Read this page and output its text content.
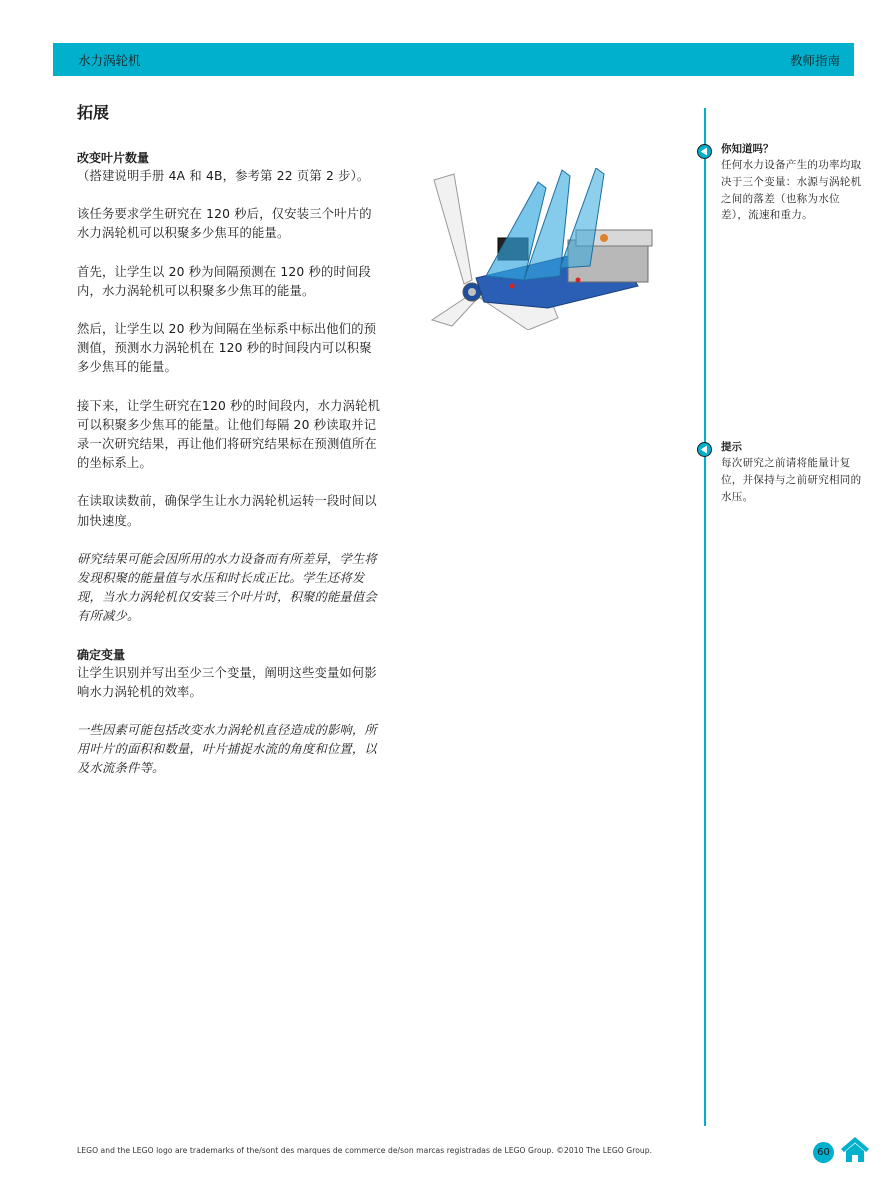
水力涡轮机	教师指南
拓展
改变叶片数量
（搭建说明手册 4A 和 4B，参考第 22 页第 2 步）。
该任务要求学生研究在 120 秒后，仅安装三个叶片的水力涡轮机可以积聚多少焦耳的能量。
首先，让学生以 20 秒为间隔预测在 120 秒的时间段内，水力涡轮机可以积聚多少焦耳的能量。
然后，让学生以 20 秒为间隔在坐标系中标出他们的预测值，预测水力涡轮机在 120 秒的时间段内可以积聚多少焦耳的能量。
接下来，让学生研究在120 秒的时间段内，水力涡轮机可以积聚多少焦耳的能量。让他们每隔 20 秒读取并记录一次研究结果，再让他们将研究结果标在预测值所在的坐标系上。
在读取读数前，确保学生让水力涡轮机运转一段时间以加快速度。
研究结果可能会因所用的水力设备而有所差异，学生将发现积聚的能量值与水压和时长成正比。学生还将发现，当水力涡轮机仅安装三个叶片时，积聚的能量值会有所减少。
确定变量
让学生识别并写出至少三个变量，阐明这些变量如何影响水力涡轮机的效率。
一些因素可能包括改变水力涡轮机直径造成的影响，所用叶片的面积和数量，叶片捕捉水流的角度和位置，以及水流条件等。
你知道吗？
任何水力设备产生的功率均取决于三个变量：水源与涡轮机之间的落差（也称为水位差），流速和重力。
提示
每次研究之前请将能量计复位，并保持与之前研究相同的水压。
LEGO and the LEGO logo are trademarks of the/sont des marques de commerce de/son marcas registradas de LEGO Group. ©2010 The LEGO Group.	60
